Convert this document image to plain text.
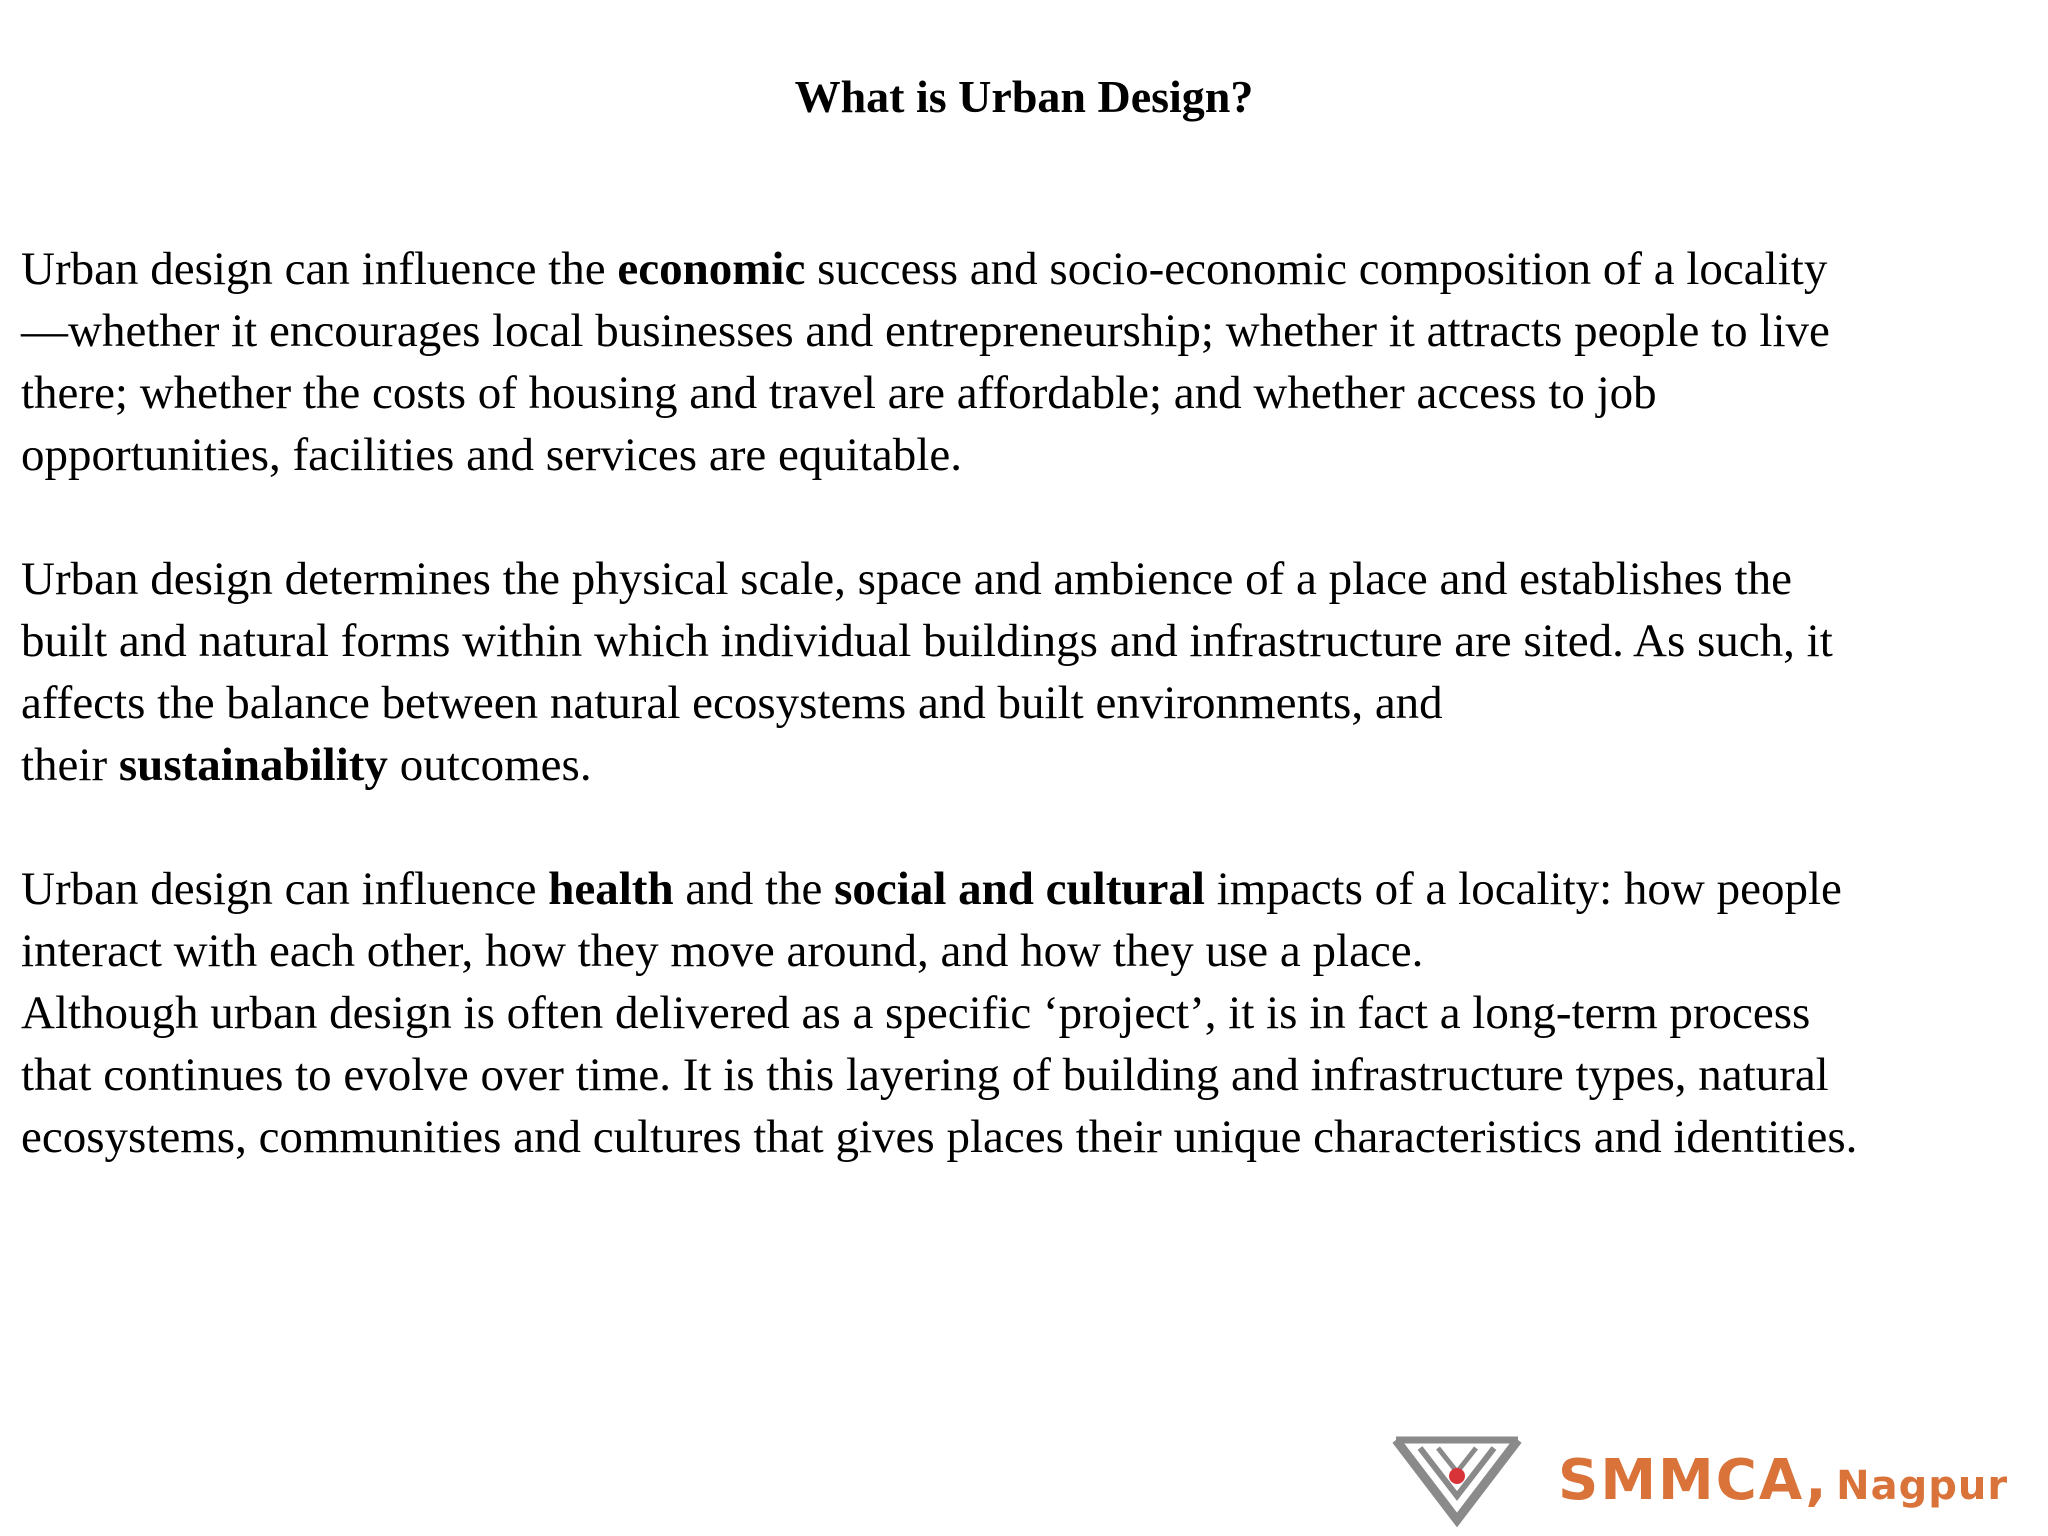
What is Urban Design?
Urban design can influence the economic success and socio-economic composition of a locality
—whether it encourages local businesses and entrepreneurship; whether it attracts people to live
there; whether the costs of housing and travel are affordable; and whether access to job
opportunities, facilities and services are equitable.
Urban design determines the physical scale, space and ambience of a place and establishes the
built and natural forms within which individual buildings and infrastructure are sited. As such, it
affects the balance between natural ecosystems and built environments, and
their sustainability outcomes.
Urban design can influence health and the social and cultural impacts of a locality: how people
interact with each other, how they move around, and how they use a place.
Although urban design is often delivered as a specific ‘project’, it is in fact a long-term process
that continues to evolve over time. It is this layering of building and infrastructure types, natural
ecosystems, communities and cultures that gives places their unique characteristics and identities.
SMMCA, Nagpur
